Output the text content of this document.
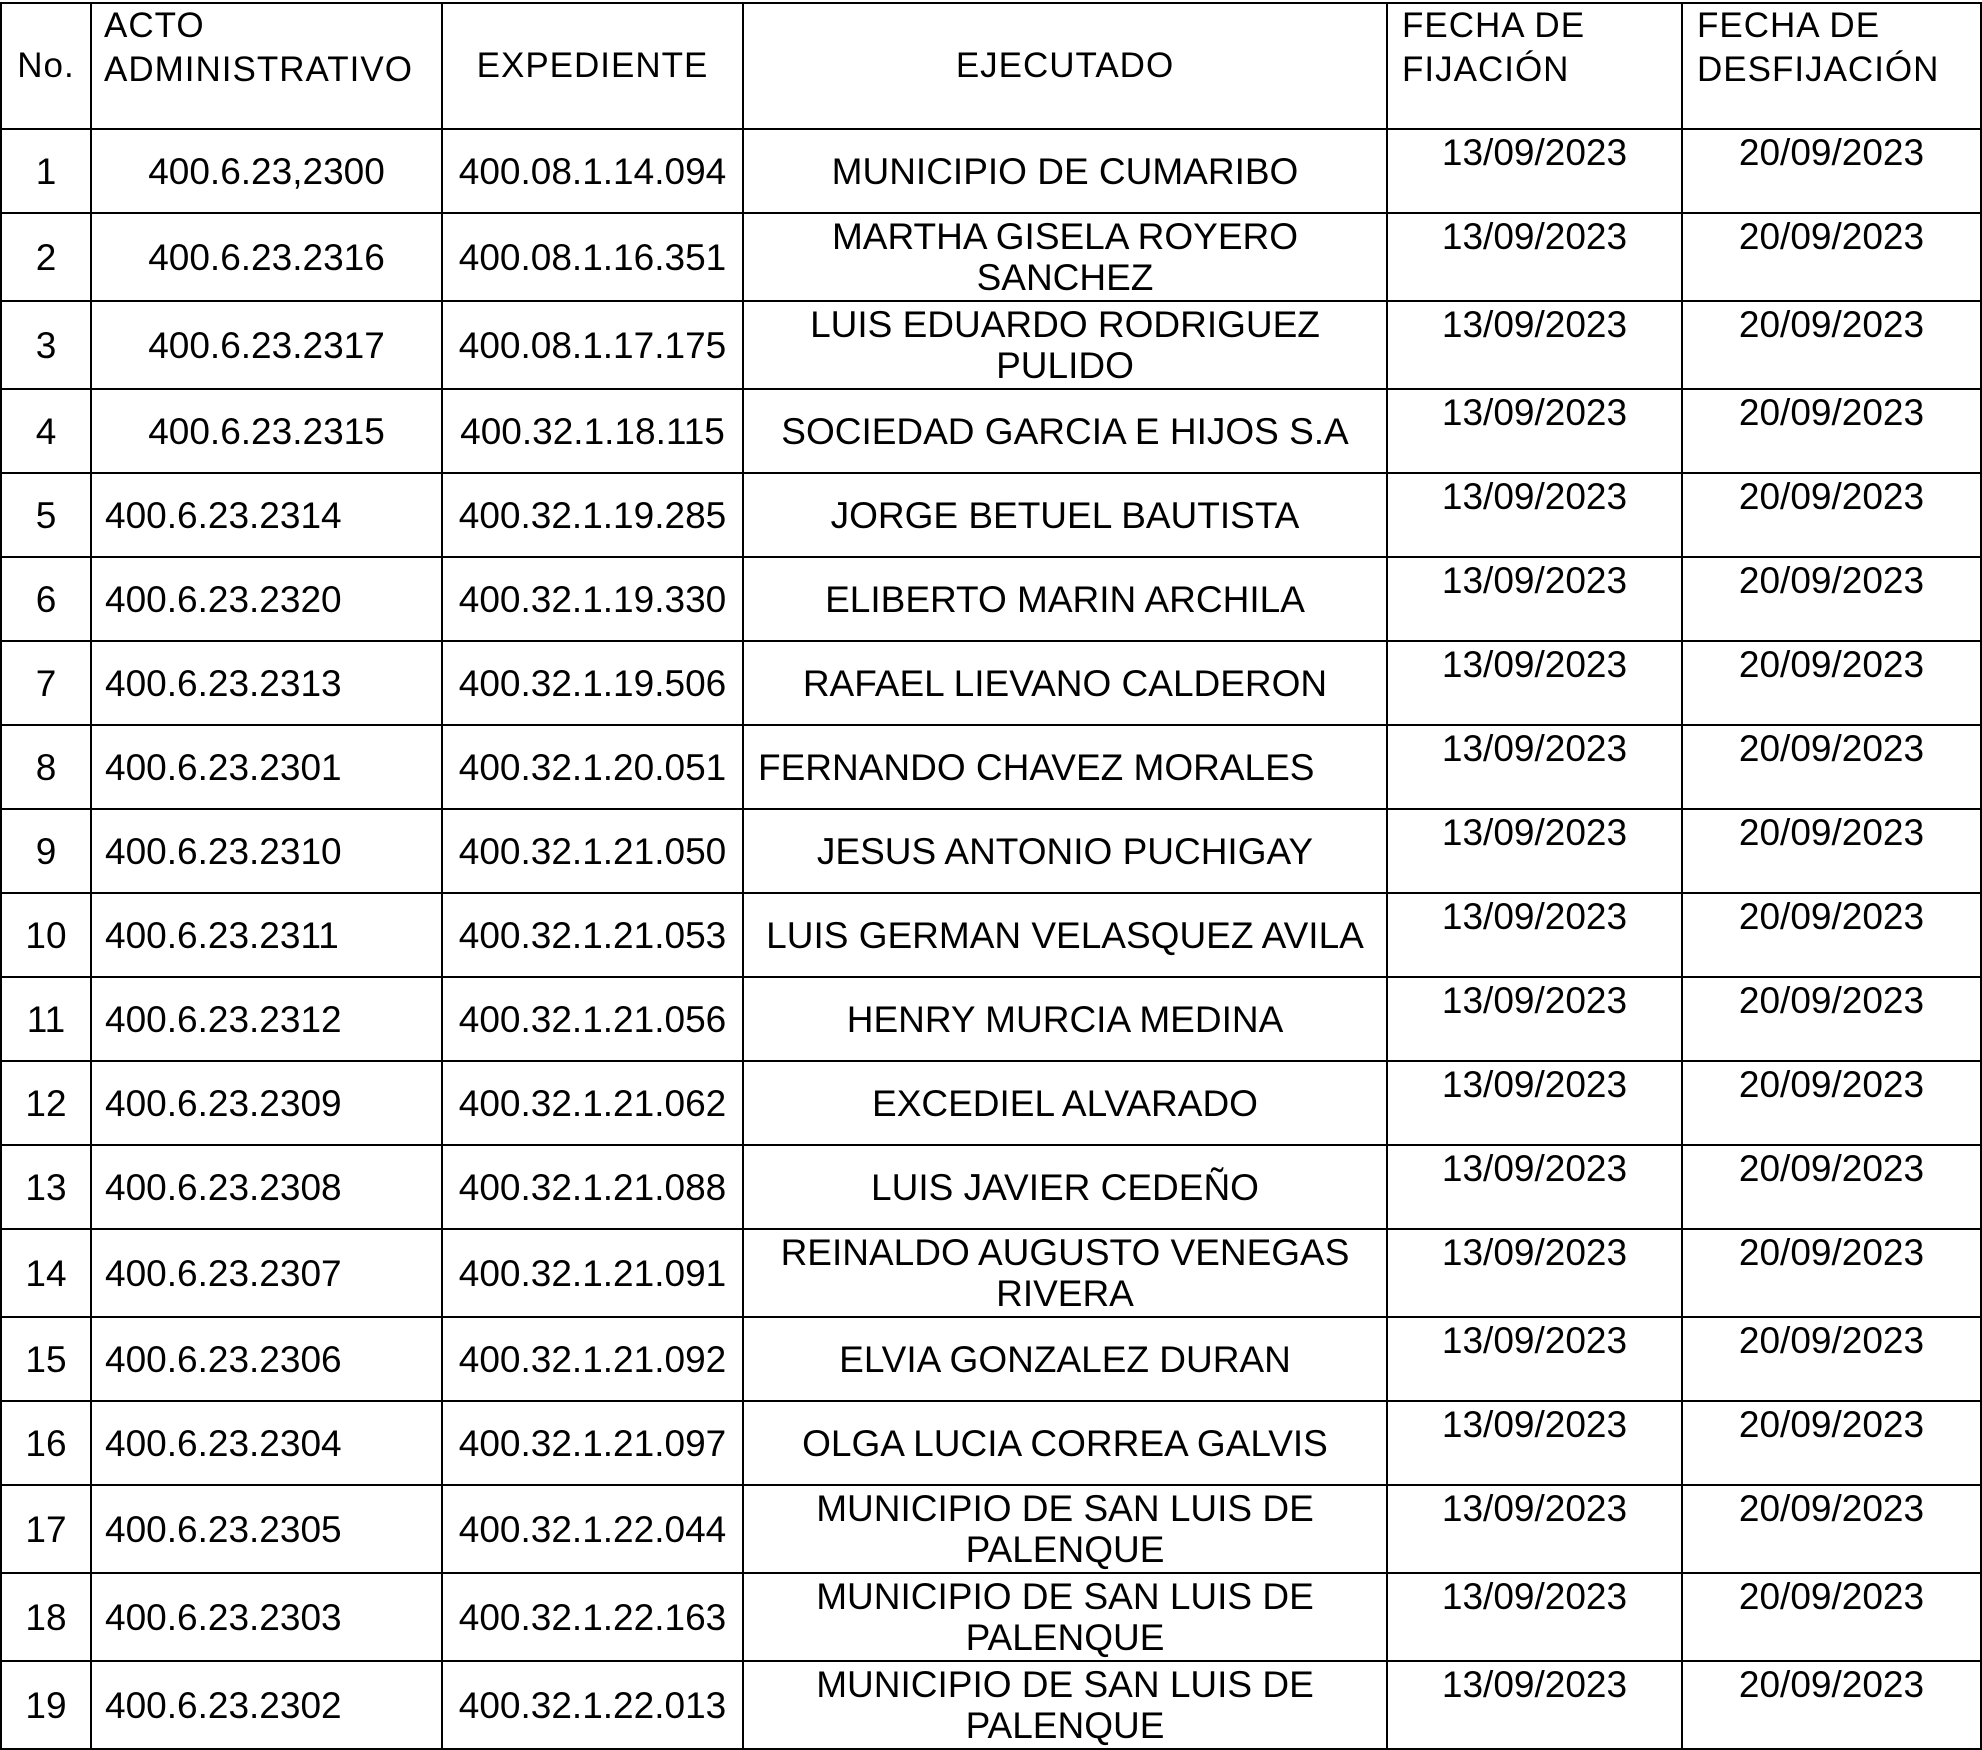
No.	ACTO ADMINISTRATIVO	EXPEDIENTE	EJECUTADO	FECHA DE FIJACIÓN	FECHA DE DESFIJACIÓN
1	400.6.23,2300	400.08.1.14.094	MUNICIPIO DE CUMARIBO	13/09/2023	20/09/2023
2	400.6.23.2316	400.08.1.16.351	MARTHA GISELA ROYERO SANCHEZ	13/09/2023	20/09/2023
3	400.6.23.2317	400.08.1.17.175	LUIS EDUARDO RODRIGUEZ PULIDO	13/09/2023	20/09/2023
4	400.6.23.2315	400.32.1.18.115	SOCIEDAD GARCIA E HIJOS S.A	13/09/2023	20/09/2023
5	400.6.23.2314	400.32.1.19.285	JORGE BETUEL BAUTISTA	13/09/2023	20/09/2023
6	400.6.23.2320	400.32.1.19.330	ELIBERTO MARIN ARCHILA	13/09/2023	20/09/2023
7	400.6.23.2313	400.32.1.19.506	RAFAEL LIEVANO CALDERON	13/09/2023	20/09/2023
8	400.6.23.2301	400.32.1.20.051	FERNANDO CHAVEZ MORALES	13/09/2023	20/09/2023
9	400.6.23.2310	400.32.1.21.050	JESUS ANTONIO PUCHIGAY	13/09/2023	20/09/2023
10	400.6.23.2311	400.32.1.21.053	LUIS GERMAN VELASQUEZ AVILA	13/09/2023	20/09/2023
11	400.6.23.2312	400.32.1.21.056	HENRY MURCIA MEDINA	13/09/2023	20/09/2023
12	400.6.23.2309	400.32.1.21.062	EXCEDIEL ALVARADO	13/09/2023	20/09/2023
13	400.6.23.2308	400.32.1.21.088	LUIS JAVIER CEDEÑO	13/09/2023	20/09/2023
14	400.6.23.2307	400.32.1.21.091	REINALDO AUGUSTO VENEGAS RIVERA	13/09/2023	20/09/2023
15	400.6.23.2306	400.32.1.21.092	ELVIA GONZALEZ DURAN	13/09/2023	20/09/2023
16	400.6.23.2304	400.32.1.21.097	OLGA LUCIA CORREA GALVIS	13/09/2023	20/09/2023
17	400.6.23.2305	400.32.1.22.044	MUNICIPIO DE SAN LUIS DE PALENQUE	13/09/2023	20/09/2023
18	400.6.23.2303	400.32.1.22.163	MUNICIPIO DE SAN LUIS DE PALENQUE	13/09/2023	20/09/2023
19	400.6.23.2302	400.32.1.22.013	MUNICIPIO DE SAN LUIS DE PALENQUE	13/09/2023	20/09/2023
